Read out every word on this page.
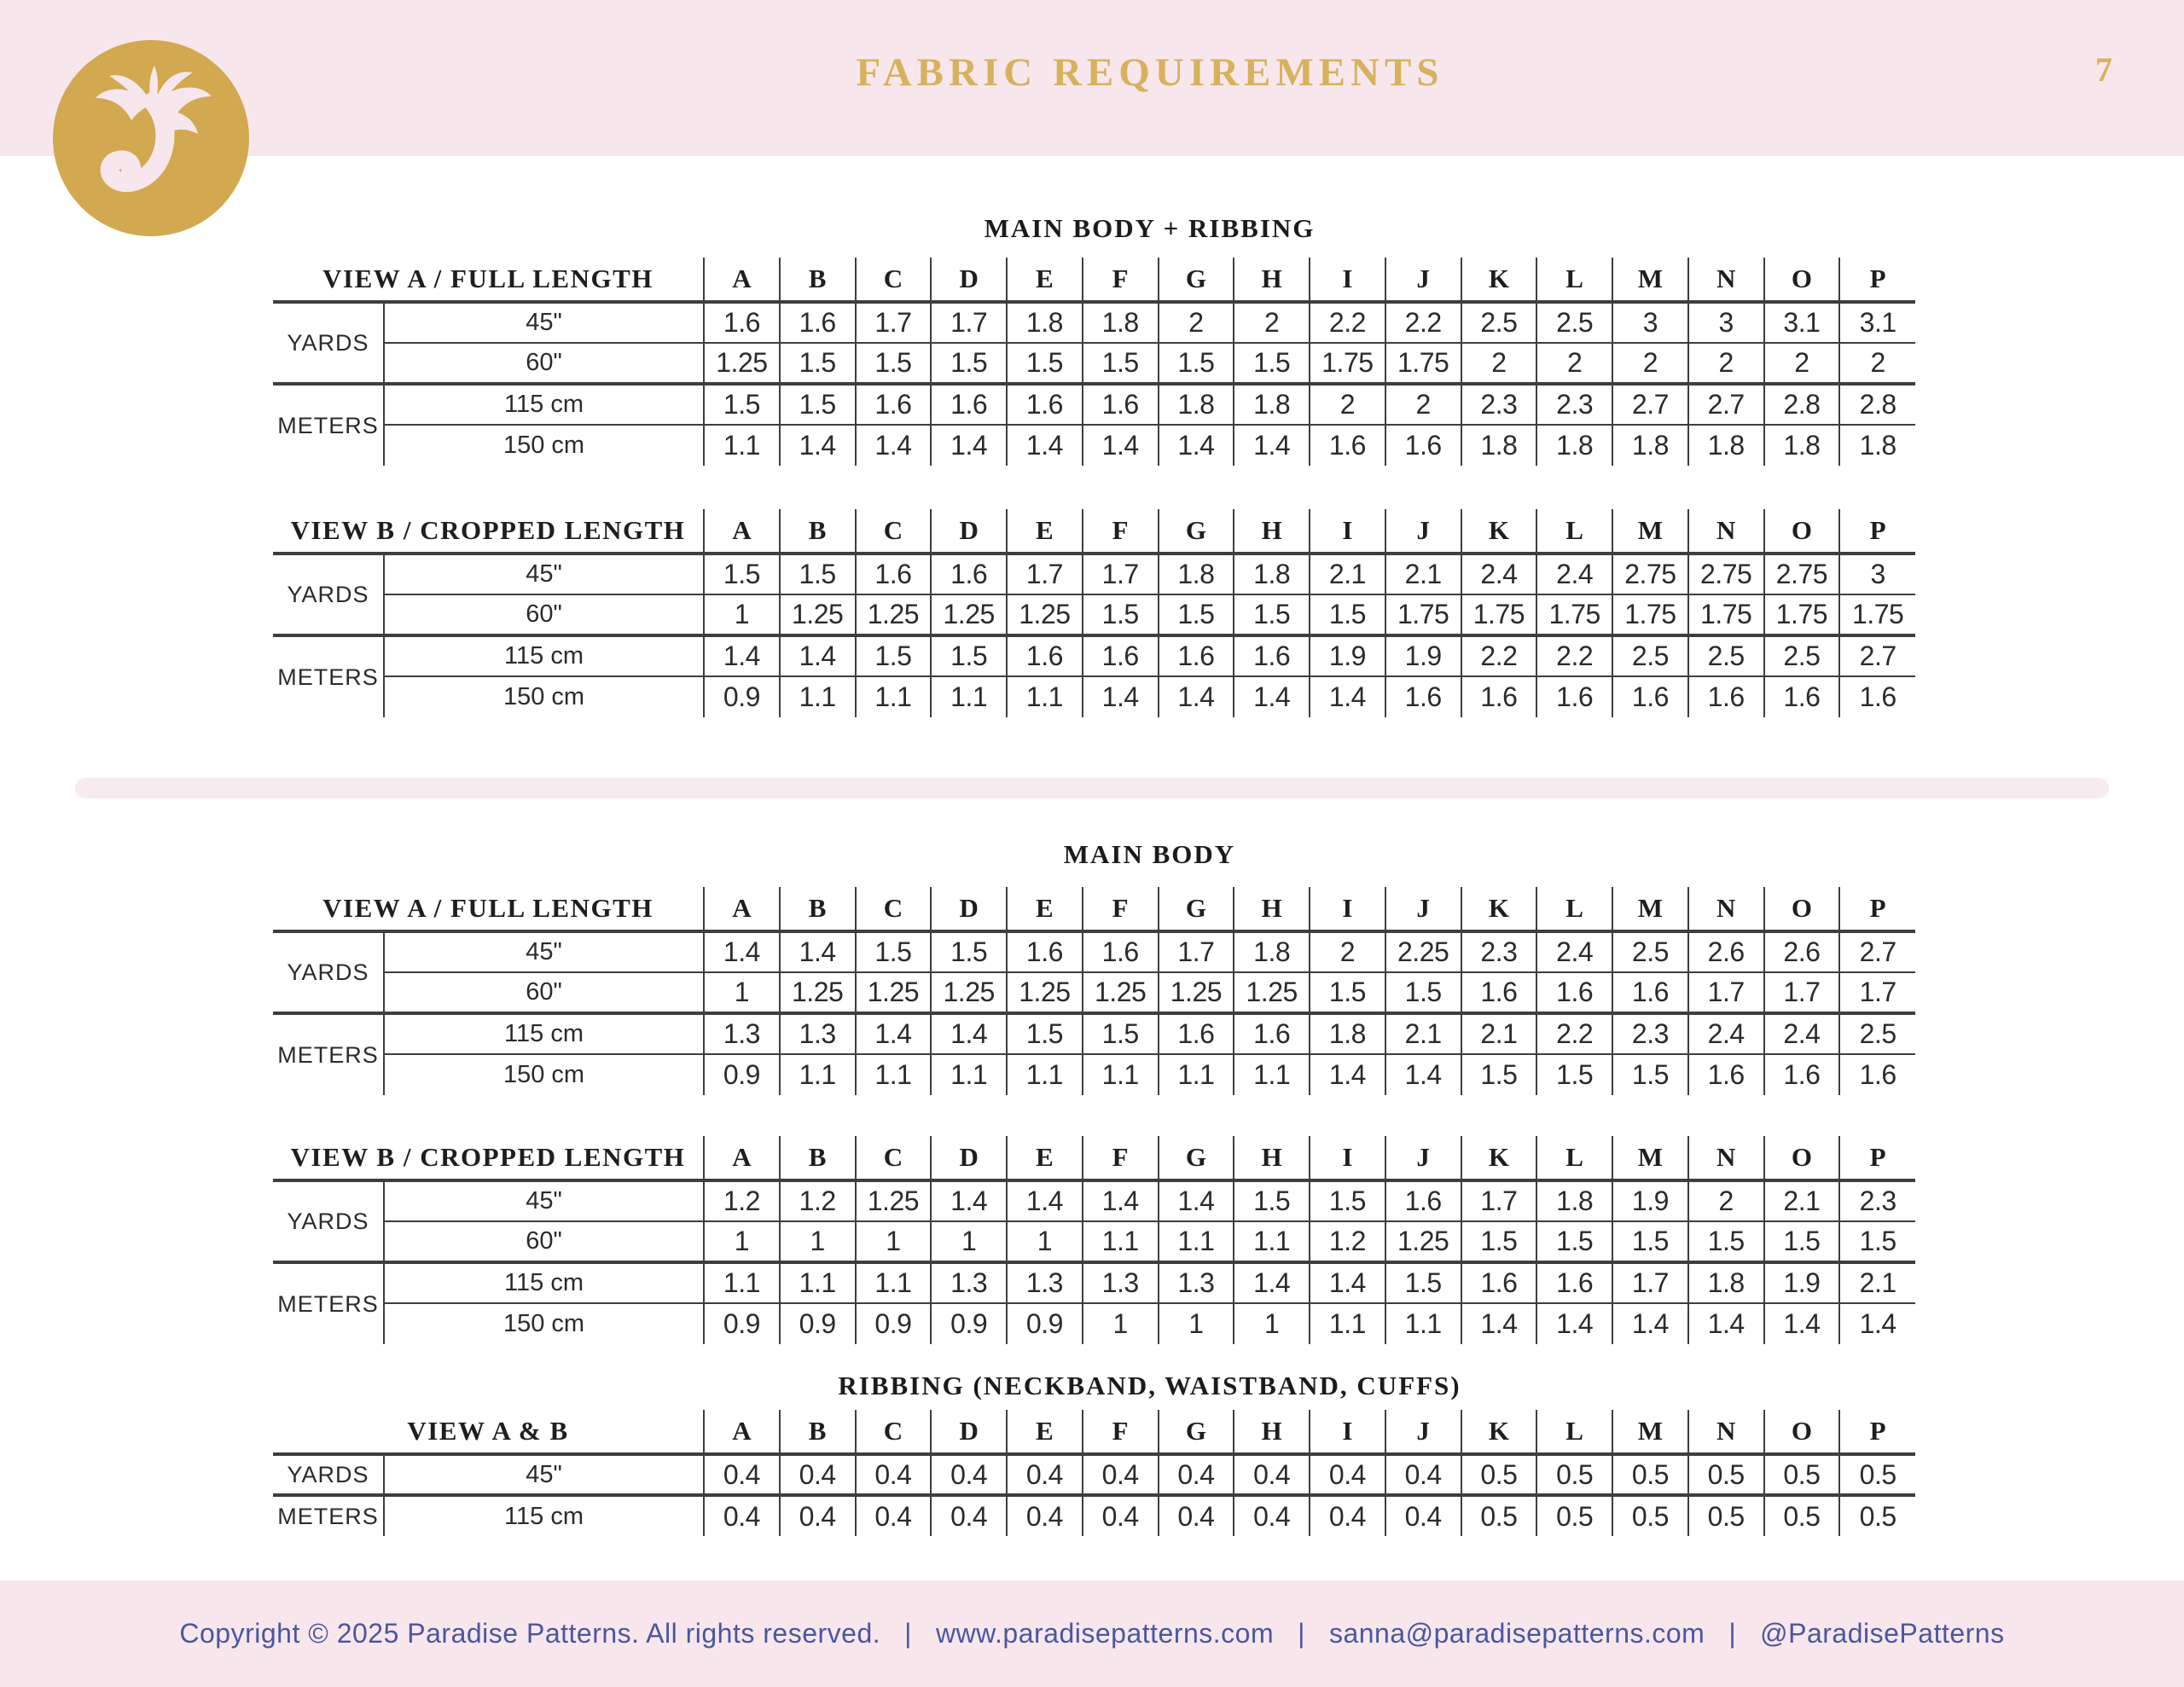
FABRIC REQUIREMENTS	7
MAIN BODY + RIBBING
VIEW A / FULL LENGTH		A	B	C	D	E	F	G	H	I	J	K	L	M	N	O	P
YARDS	45"	1.6	1.6	1.7	1.7	1.8	1.8	2	2	2.2	2.2	2.5	2.5	3	3	3.1	3.1
	60"	1.25	1.5	1.5	1.5	1.5	1.5	1.5	1.5	1.75	1.75	2	2	2	2	2	2
METERS	115 cm	1.5	1.5	1.6	1.6	1.6	1.6	1.8	1.8	2	2	2.3	2.3	2.7	2.7	2.8	2.8
	150 cm	1.1	1.4	1.4	1.4	1.4	1.4	1.4	1.4	1.6	1.6	1.8	1.8	1.8	1.8	1.8	1.8
VIEW B / CROPPED LENGTH		A	B	C	D	E	F	G	H	I	J	K	L	M	N	O	P
YARDS	45"	1.5	1.5	1.6	1.6	1.7	1.7	1.8	1.8	2.1	2.1	2.4	2.4	2.75	2.75	2.75	3
	60"	1	1.25	1.25	1.25	1.25	1.5	1.5	1.5	1.5	1.75	1.75	1.75	1.75	1.75	1.75	1.75
METERS	115 cm	1.4	1.4	1.5	1.5	1.6	1.6	1.6	1.6	1.9	1.9	2.2	2.2	2.5	2.5	2.5	2.7
	150 cm	0.9	1.1	1.1	1.1	1.1	1.4	1.4	1.4	1.4	1.6	1.6	1.6	1.6	1.6	1.6	1.6
MAIN BODY
VIEW A / FULL LENGTH		A	B	C	D	E	F	G	H	I	J	K	L	M	N	O	P
YARDS	45"	1.4	1.4	1.5	1.5	1.6	1.6	1.7	1.8	2	2.25	2.3	2.4	2.5	2.6	2.6	2.7
	60"	1	1.25	1.25	1.25	1.25	1.25	1.25	1.25	1.5	1.5	1.6	1.6	1.6	1.7	1.7	1.7
METERS	115 cm	1.3	1.3	1.4	1.4	1.5	1.5	1.6	1.6	1.8	2.1	2.1	2.2	2.3	2.4	2.4	2.5
	150 cm	0.9	1.1	1.1	1.1	1.1	1.1	1.1	1.1	1.4	1.4	1.5	1.5	1.5	1.6	1.6	1.6
VIEW B / CROPPED LENGTH		A	B	C	D	E	F	G	H	I	J	K	L	M	N	O	P
YARDS	45"	1.2	1.2	1.25	1.4	1.4	1.4	1.4	1.5	1.5	1.6	1.7	1.8	1.9	2	2.1	2.3
	60"	1	1	1	1	1	1.1	1.1	1.1	1.2	1.25	1.5	1.5	1.5	1.5	1.5	1.5
METERS	115 cm	1.1	1.1	1.1	1.3	1.3	1.3	1.3	1.4	1.4	1.5	1.6	1.6	1.7	1.8	1.9	2.1
	150 cm	0.9	0.9	0.9	0.9	0.9	1	1	1	1.1	1.1	1.4	1.4	1.4	1.4	1.4	1.4
RIBBING (NECKBAND, WAISTBAND, CUFFS)
VIEW A & B		A	B	C	D	E	F	G	H	I	J	K	L	M	N	O	P
YARDS	45"	0.4	0.4	0.4	0.4	0.4	0.4	0.4	0.4	0.4	0.4	0.5	0.5	0.5	0.5	0.5	0.5
METERS	115 cm	0.4	0.4	0.4	0.4	0.4	0.4	0.4	0.4	0.4	0.4	0.5	0.5	0.5	0.5	0.5	0.5
Copyright © 2025 Paradise Patterns. All rights reserved. | www.paradisepatterns.com | sanna@paradisepatterns.com | @ParadisePatterns
